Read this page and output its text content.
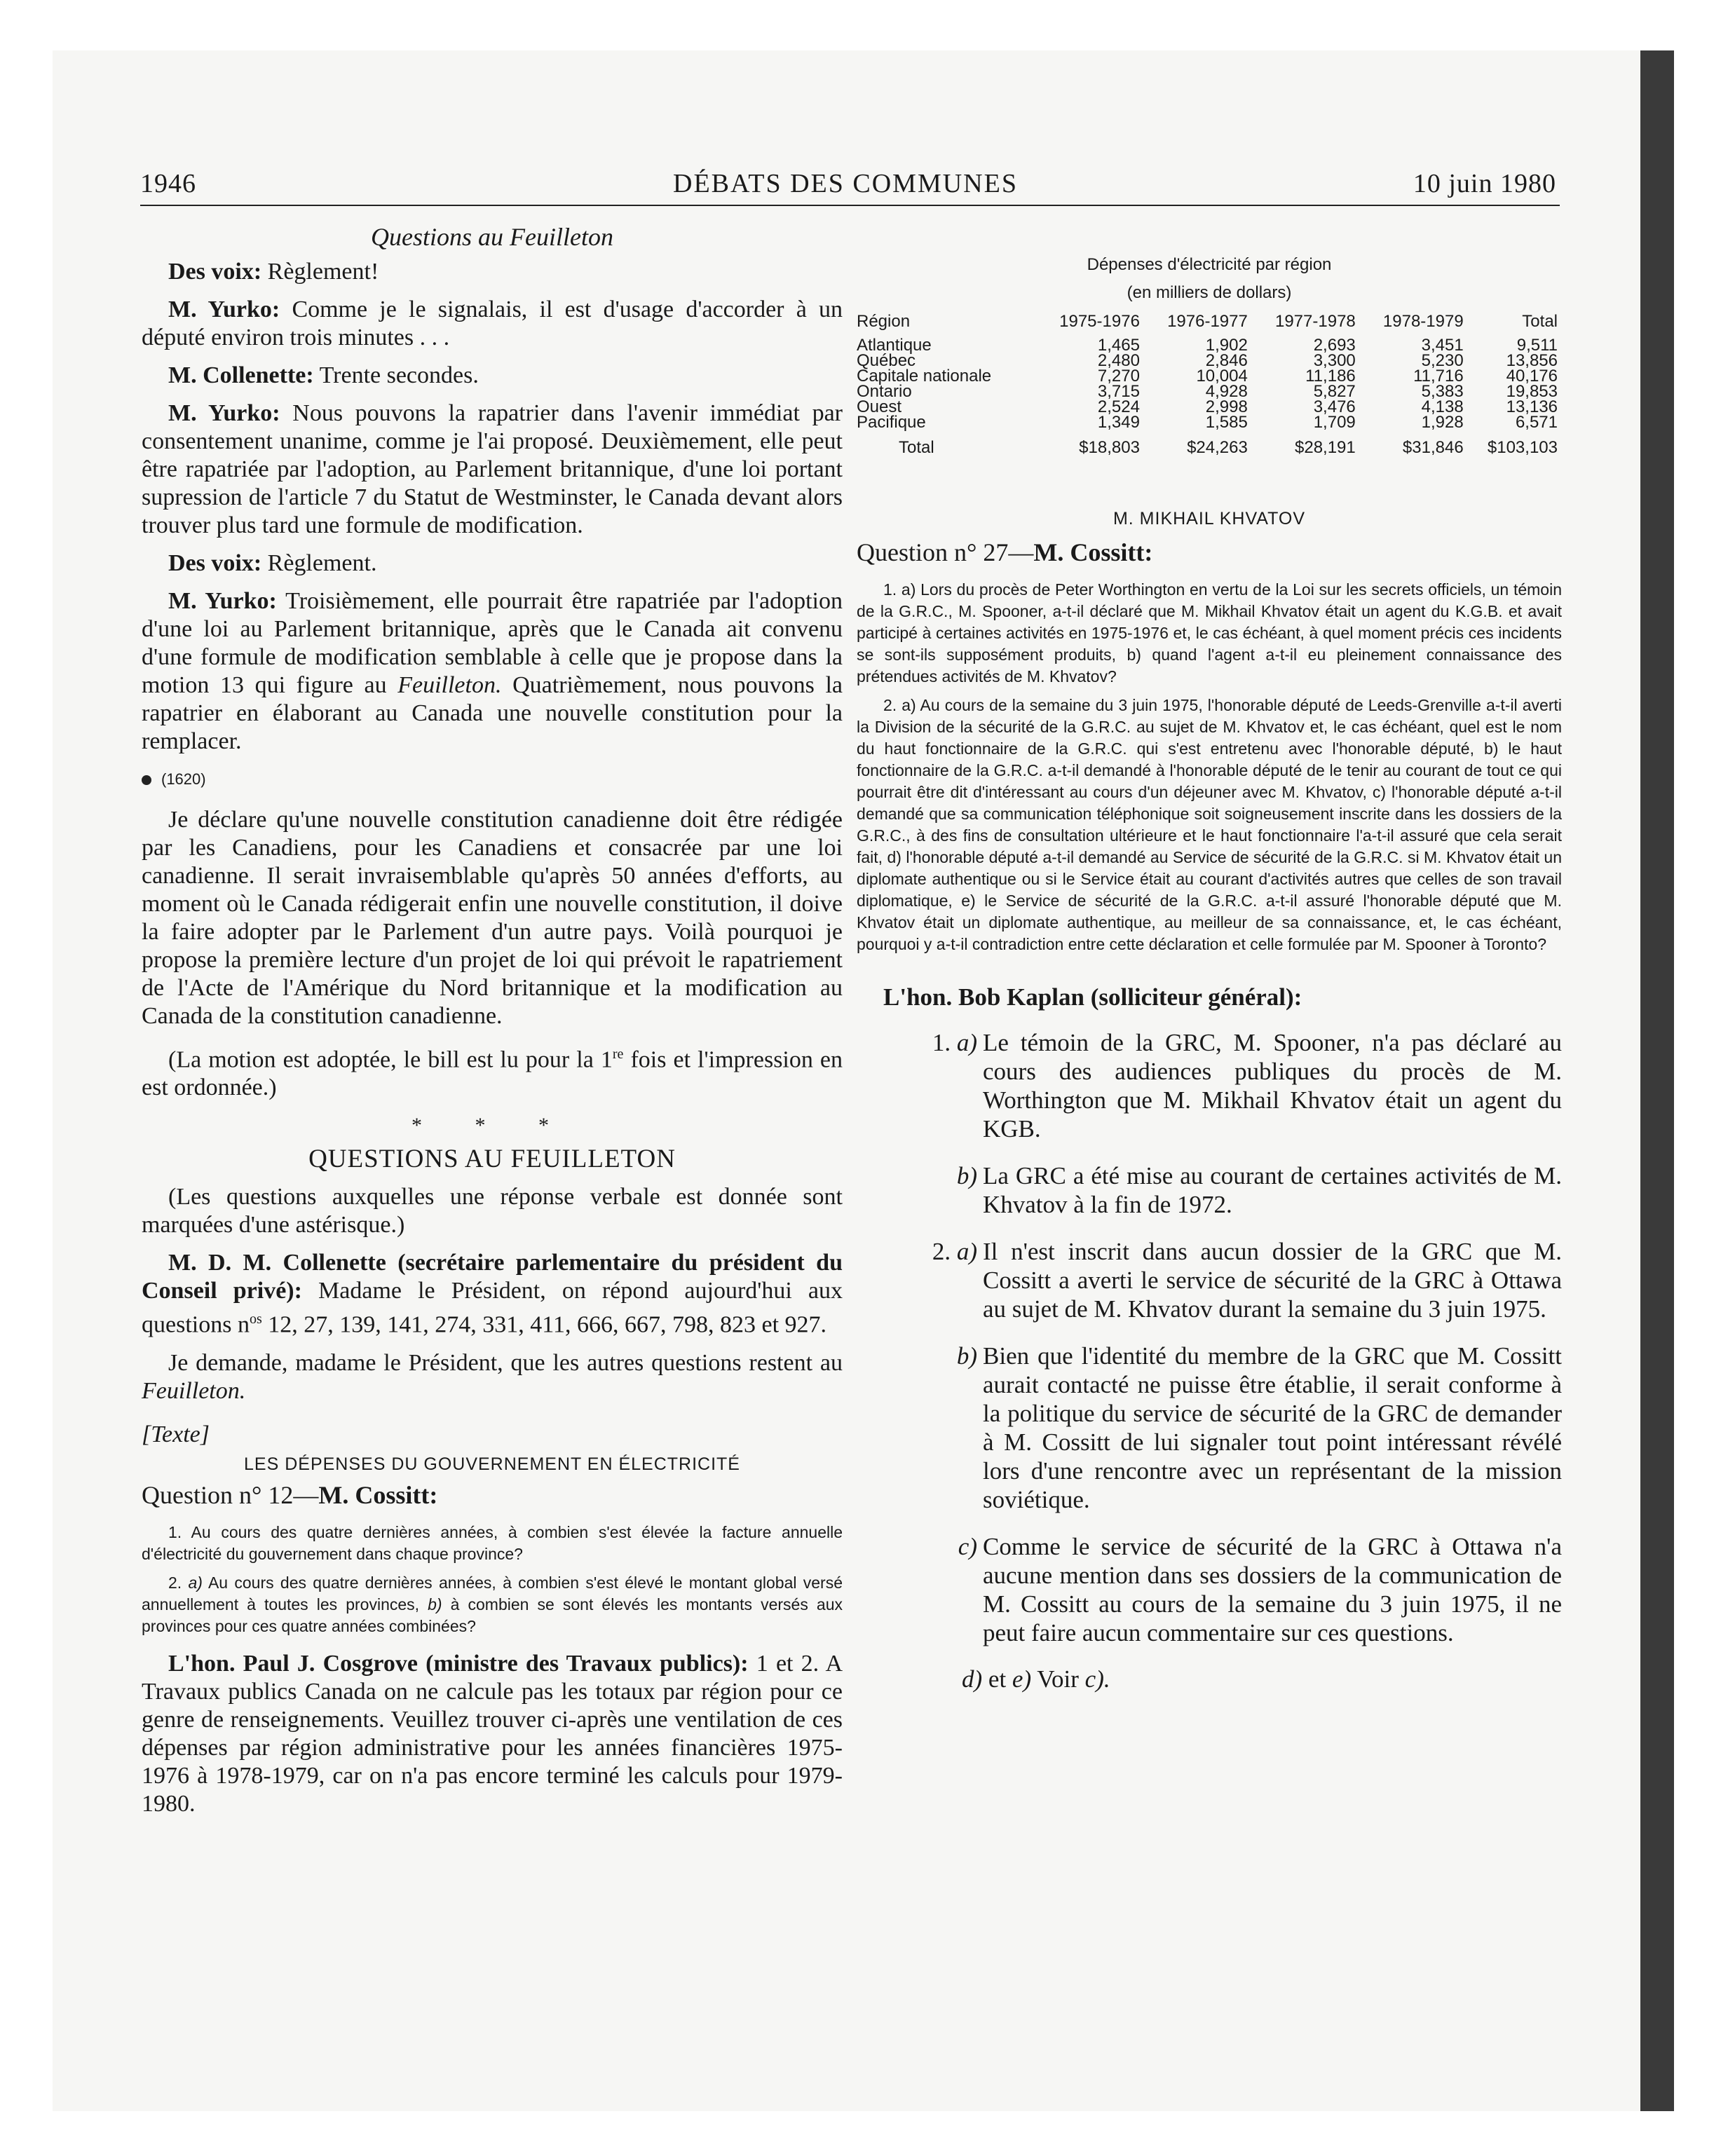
1946	DÉBATS DES COMMUNES	10 juin 1980

Questions au Feuilleton

Des voix: Règlement!

M. Yurko: Comme je le signalais, il est d'usage d'accorder à un député environ trois minutes . . .

M. Collenette: Trente secondes.

M. Yurko: Nous pouvons la rapatrier dans l'avenir immédiat par consentement unanime, comme je l'ai proposé. Deuxièmement, elle peut être rapatriée par l'adoption, au Parlement britannique, d'une loi portant supression de l'article 7 du Statut de Westminster, le Canada devant alors trouver plus tard une formule de modification.

Des voix: Règlement.

M. Yurko: Troisièmement, elle pourrait être rapatriée par l'adoption d'une loi au Parlement britannique, après que le Canada ait convenu d'une formule de modification semblable à celle que je propose dans la motion 13 qui figure au Feuilleton. Quatrièmement, nous pouvons la rapatrier en élaborant au Canada une nouvelle constitution pour la remplacer.

(1620)

Je déclare qu'une nouvelle constitution canadienne doit être rédigée par les Canadiens, pour les Canadiens et consacrée par une loi canadienne. Il serait invraisemblable qu'après 50 années d'efforts, au moment où le Canada rédigerait enfin une nouvelle constitution, il doive la faire adopter par le Parlement d'un autre pays. Voilà pourquoi je propose la première lecture d'un projet de loi qui prévoit le rapatriement de l'Acte de l'Amérique du Nord britannique et la modification au Canada de la constitution canadienne.

(La motion est adoptée, le bill est lu pour la 1re fois et l'impression en est ordonnée.)

* * *
QUESTIONS AU FEUILLETON

(Les questions auxquelles une réponse verbale est donnée sont marquées d'une astérisque.)

M. D. M. Collenette (secrétaire parlementaire du président du Conseil privé): Madame le Président, on répond aujourd'hui aux questions $n^{os}$ 12, 27, 139, 141, 274, 331, 411, 666, 667, 798, 823 et 927.

Je demande, madame le Président, que les autres questions restent au Feuilleton.

[Texte]

LES DÉPENSES DU GOUVERNEMENT EN ÉLECTRICITÉ

Question n° 12—M. Cossitt:

1. Au cours des quatre dernières années, à combien s'est élevée la facture annuelle d'électricité du gouvernement dans chaque province?

2. a) Au cours des quatre dernières années, à combien s'est élevé le montant global versé annuellement à toutes les provinces, b) à combien se sont élevés les montants versés aux provinces pour ces quatre années combinées?

L'hon. Paul J. Cosgrove (ministre des Travaux publics): 1 et 2. A Travaux publics Canada on ne calcule pas les totaux par région pour ce genre de renseignements. Veuillez trouver ci-après une ventilation de ces dépenses par région administrative pour les années financières 1975-1976 à 1978-1979, car on n'a pas encore terminé les calculs pour 1979-1980.

Dépenses d'électricité par région
(en milliers de dollars)
Région	1975-1976	1976-1977	1977-1978	1978-1979	Total
Atlantique	1,465	1,902	2,693	3,451	9,511
Québec	2,480	2,846	3,300	5,230	13,856
Capitale nationale	7,270	10,004	11,186	11,716	40,176
Ontario	3,715	4,928	5,827	5,383	19,853
Ouest	2,524	2,998	3,476	4,138	13,136
Pacifique	1,349	1,585	1,709	1,928	6,571
Total	$18,803	$24,263	$28,191	$31,846	$103,103

M. MIKHAIL KHVATOV

Question n° 27—M. Cossitt:

1. a) Lors du procès de Peter Worthington en vertu de la Loi sur les secrets officiels, un témoin de la G.R.C., M. Spooner, a-t-il déclaré que M. Mikhail Khvatov était un agent du K.G.B. et avait participé à certaines activités en 1975-1976 et, le cas échéant, à quel moment précis ces incidents se sont-ils supposément produits, b) quand l'agent a-t-il eu pleinement connaissance des prétendues activités de M. Khvatov?

2. a) Au cours de la semaine du 3 juin 1975, l'honorable député de Leeds-Grenville a-t-il averti la Division de la sécurité de la G.R.C. au sujet de M. Khvatov et, le cas échéant, quel est le nom du haut fonctionnaire de la G.R.C. qui s'est entretenu avec l'honorable député, b) le haut fonctionnaire de la G.R.C. a-t-il demandé à l'honorable député de le tenir au courant de tout ce qui pourrait être dit d'intéressant au cours d'un déjeuner avec M. Khvatov, c) l'honorable député a-t-il demandé que sa communication téléphonique soit soigneusement inscrite dans les dossiers de la G.R.C., à des fins de consultation ultérieure et le haut fonctionnaire l'a-t-il assuré que cela serait fait, d) l'honorable député a-t-il demandé au Service de sécurité de la G.R.C. si M. Khvatov était un diplomate authentique ou si le Service était au courant d'activités autres que celles de son travail diplomatique, e) le Service de sécurité de la G.R.C. a-t-il assuré l'honorable député que M. Khvatov était un diplomate authentique, au meilleur de sa connaissance, et, le cas échéant, pourquoi y a-t-il contradiction entre cette déclaration et celle formulée par M. Spooner à Toronto?

L'hon. Bob Kaplan (solliciteur général):

1. a) Le témoin de la GRC, M. Spooner, n'a pas déclaré au cours des audiences publiques du procès de M. Worthington que M. Mikhail Khvatov était un agent du KGB.
b) La GRC a été mise au courant de certaines activités de M. Khvatov à la fin de 1972.
2. a) Il n'est inscrit dans aucun dossier de la GRC que M. Cossitt a averti le service de sécurité de la GRC à Ottawa au sujet de M. Khvatov durant la semaine du 3 juin 1975.
b) Bien que l'identité du membre de la GRC que M. Cossitt aurait contacté ne puisse être établie, il serait conforme à la politique du service de sécurité de la GRC de demander à M. Cossitt de lui signaler tout point intéressant révélé lors d'une rencontre avec un représentant de la mission soviétique.
c) Comme le service de sécurité de la GRC à Ottawa n'a aucune mention dans ses dossiers de la communication de M. Cossitt au cours de la semaine du 3 juin 1975, il ne peut faire aucun commentaire sur ces questions.

d) et e) Voir c).
